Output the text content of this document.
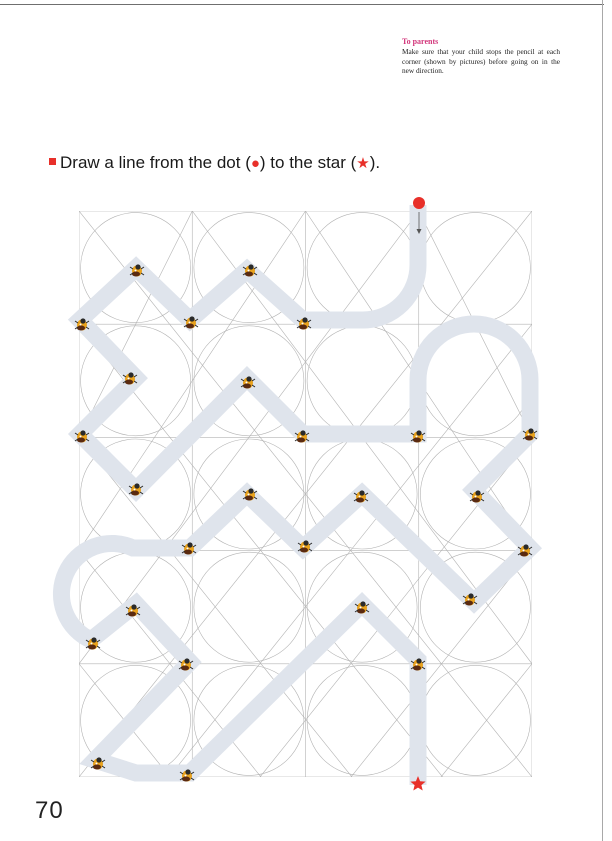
To parents
Make sure that your child stops the pencil at each corner (shown by pictures) before going on in the new direction.
Draw a line from the dot (●) to the star (★).
70
